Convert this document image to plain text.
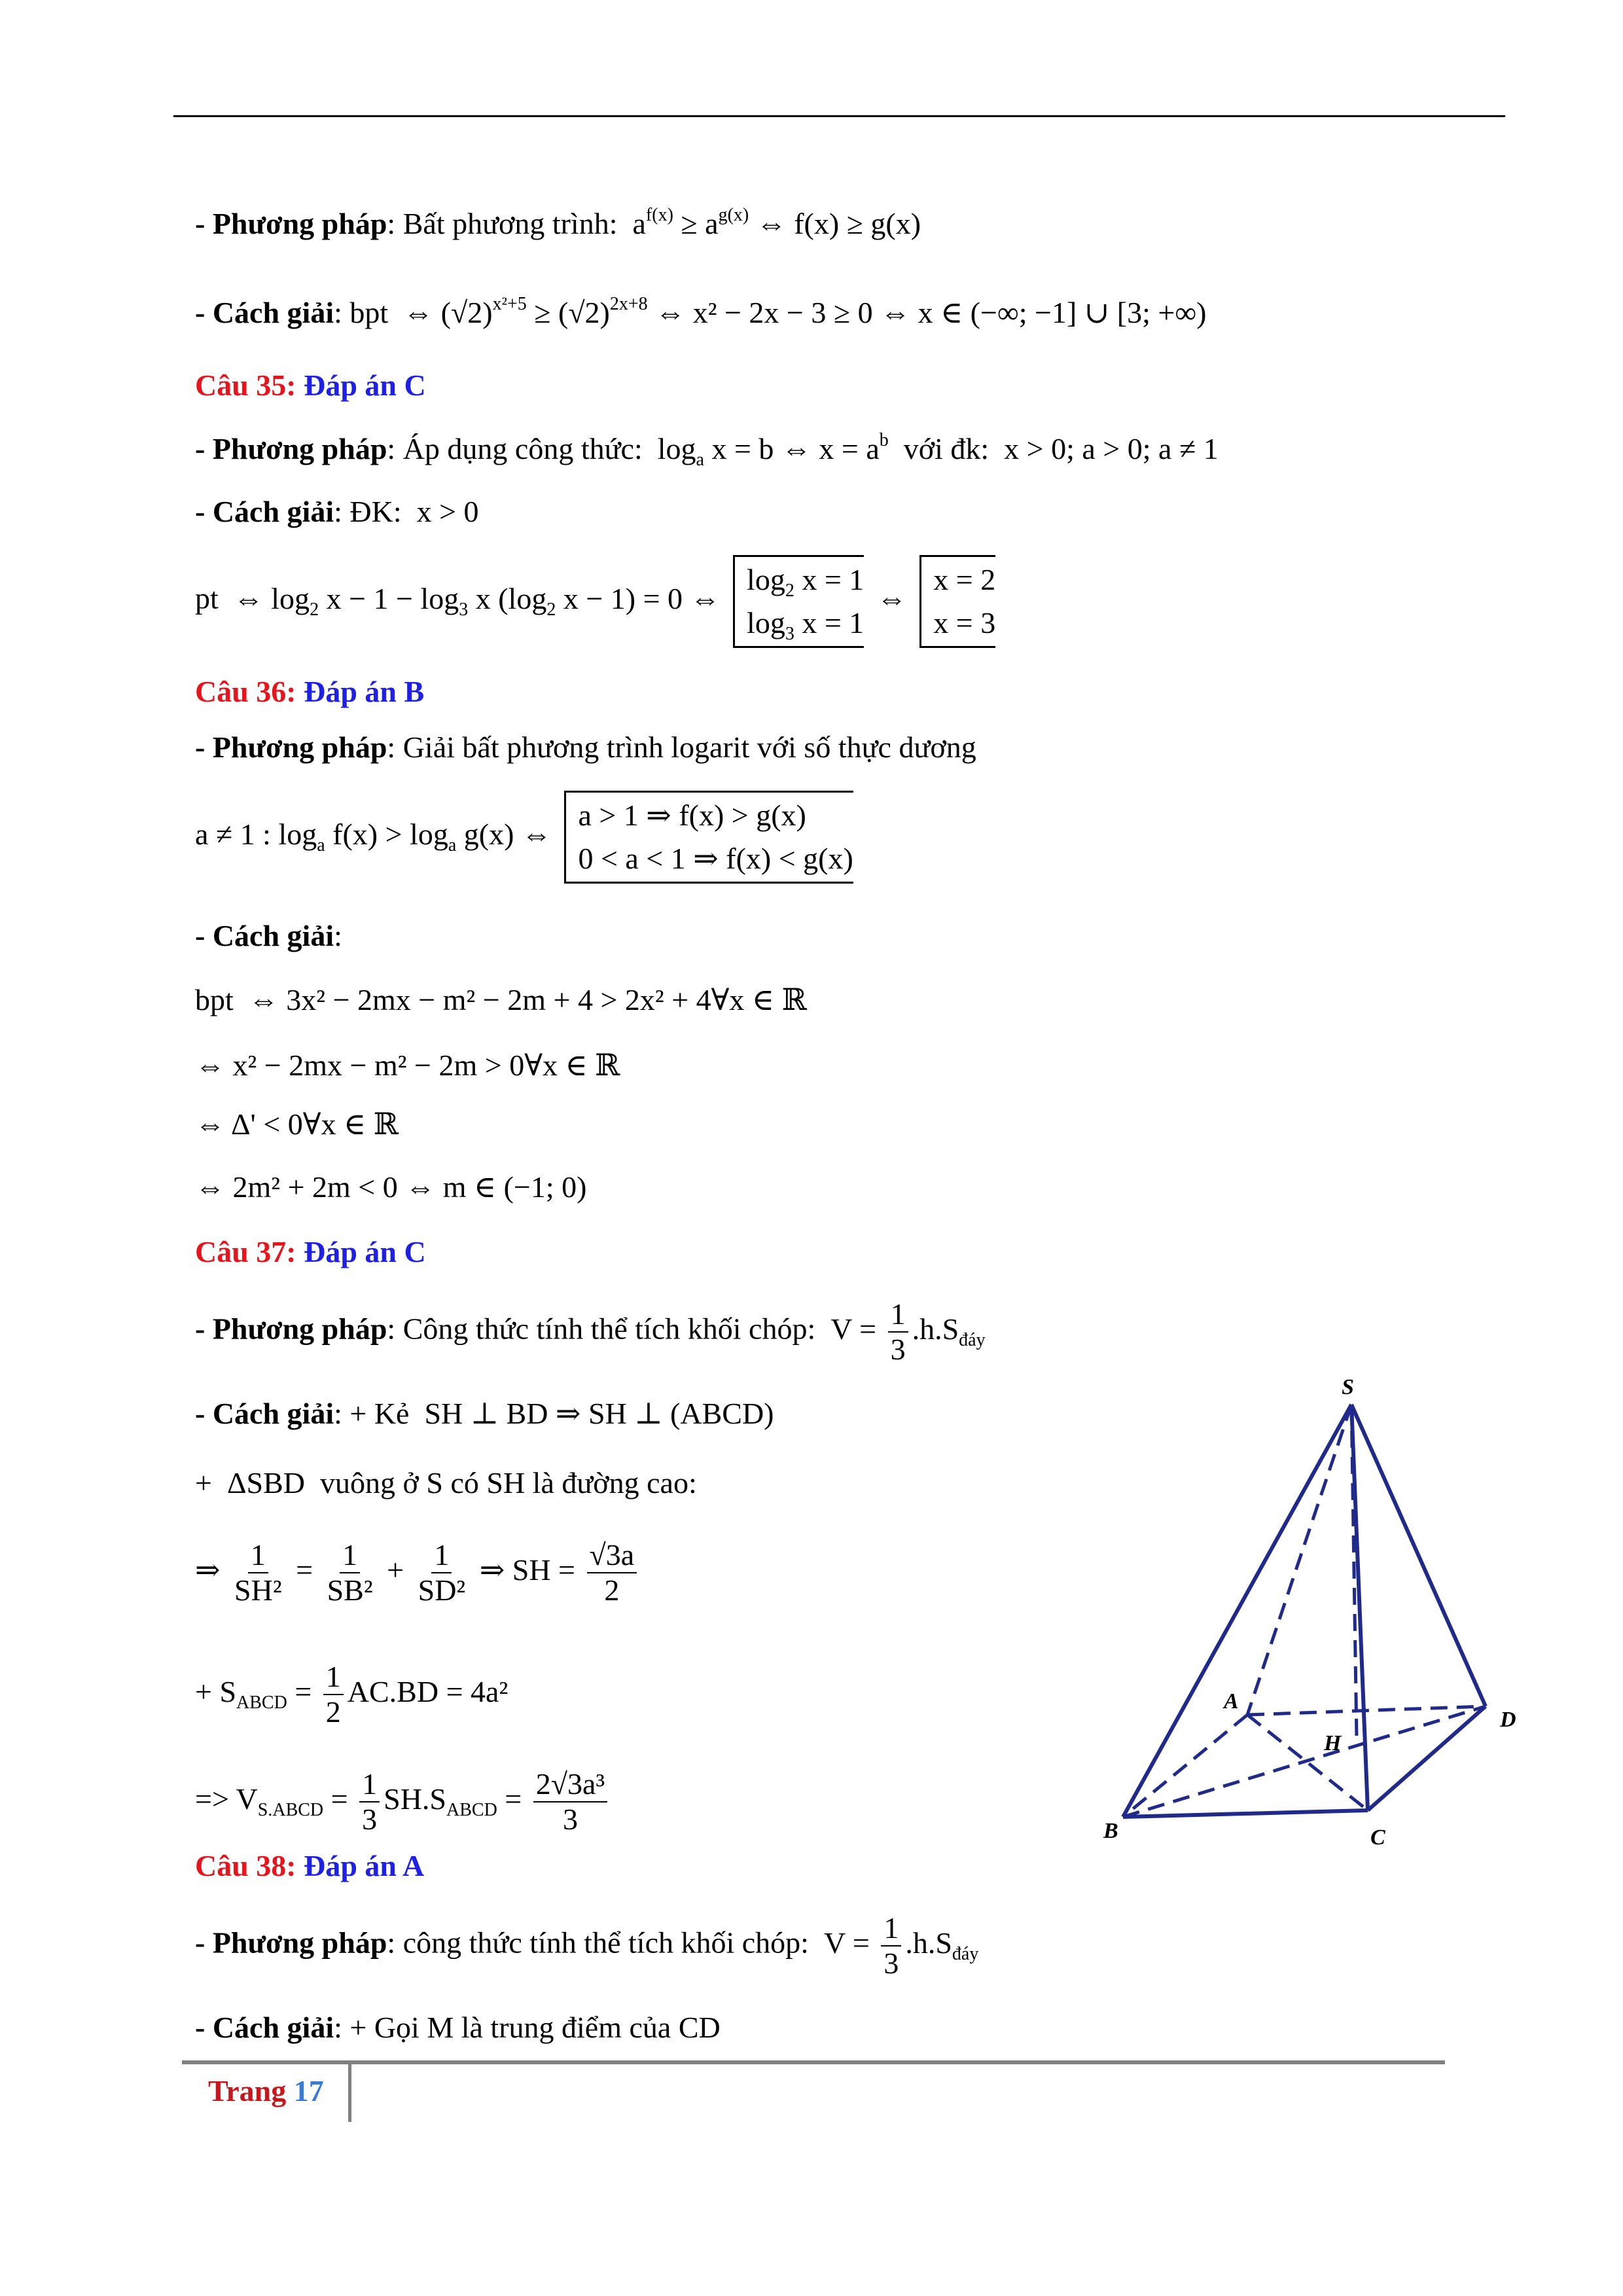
- Phương pháp: Bất phương trình:  $a^{f(x)} \ge a^{g(x)}$ ⇔ f(x) ≥ g(x)
- Cách giải: bpt  ⇔ $(√2)^{x^2+5} \ge (√2)^{2x+8}$ ⇔ x² − 2x − 3 ≥ 0 ⇔ x ∈ (−∞; −1] ∪ [3; +∞)
Câu 35: Đáp án C
- Phương pháp: Áp dụng công thức:  $\log_a x = b$ ⇔ $x = a^b$ với đk:  x > 0; a > 0; a ≠ 1
- Cách giải: ĐK:  x > 0
pt  ⇔ $\log_2 x - 1 - \log_3 x$ ($\log_2$ x − 1) = 0 ⇔
$\log_2 x = 1$
$\log_3 x = 1$
⇔
x = 2
x = 3
Câu 36: Đáp án B
- Phương pháp: Giải bất phương trình logarit với số thực dương
a ≠ 1 : $\log_a f(x) > \log_a g(x)$ ⇔
a > 1 ⇒ f(x) > g(x)
0 < a < 1 ⇒ f(x) < g(x)
- Cách giải:
bpt  ⇔ 3x² − 2mx − m² − 2m + 4 > 2x² + 4∀x ∈ ℝ
⇔ x² − 2mx − m² − 2m > 0∀x ∈ ℝ
⇔ Δ' < 0∀x ∈ ℝ
⇔ 2m² + 2m < 0 ⇔ m ∈ (−1; 0)
Câu 37: Đáp án C
- Phương pháp: Công thức tính thể tích khối chóp:  $V = \frac{1}{3} .h.S_{đáy}$
- Cách giải: + Kẻ  SH ⊥ BD ⇒ SH ⊥ (ABCD)
+  ΔSBD  vuông ở S có SH là đường cao:
⇒ $\frac{1}{\text{SH²}} = \frac{1}{\text{SB²}} + \frac{1}{\text{SD²}}$ ⇒ SH = $\frac{√3a}{2}$
+ $S_{ABCD} = \frac{1}{2} AC.BD = 4a^2$
=> $V_{S.ABCD} = \frac{1}{3} SH.S_{ABCD} = \frac{\text{2√3a³}}{3}$
Câu 38: Đáp án A
- Phương pháp: công thức tính thể tích khối chóp:  $V = \frac{1}{3} .h.S_{đáy}$
- Cách giải: + Gọi M là trung điểm của CD
S
A
B	C
D
H
Trang 17
